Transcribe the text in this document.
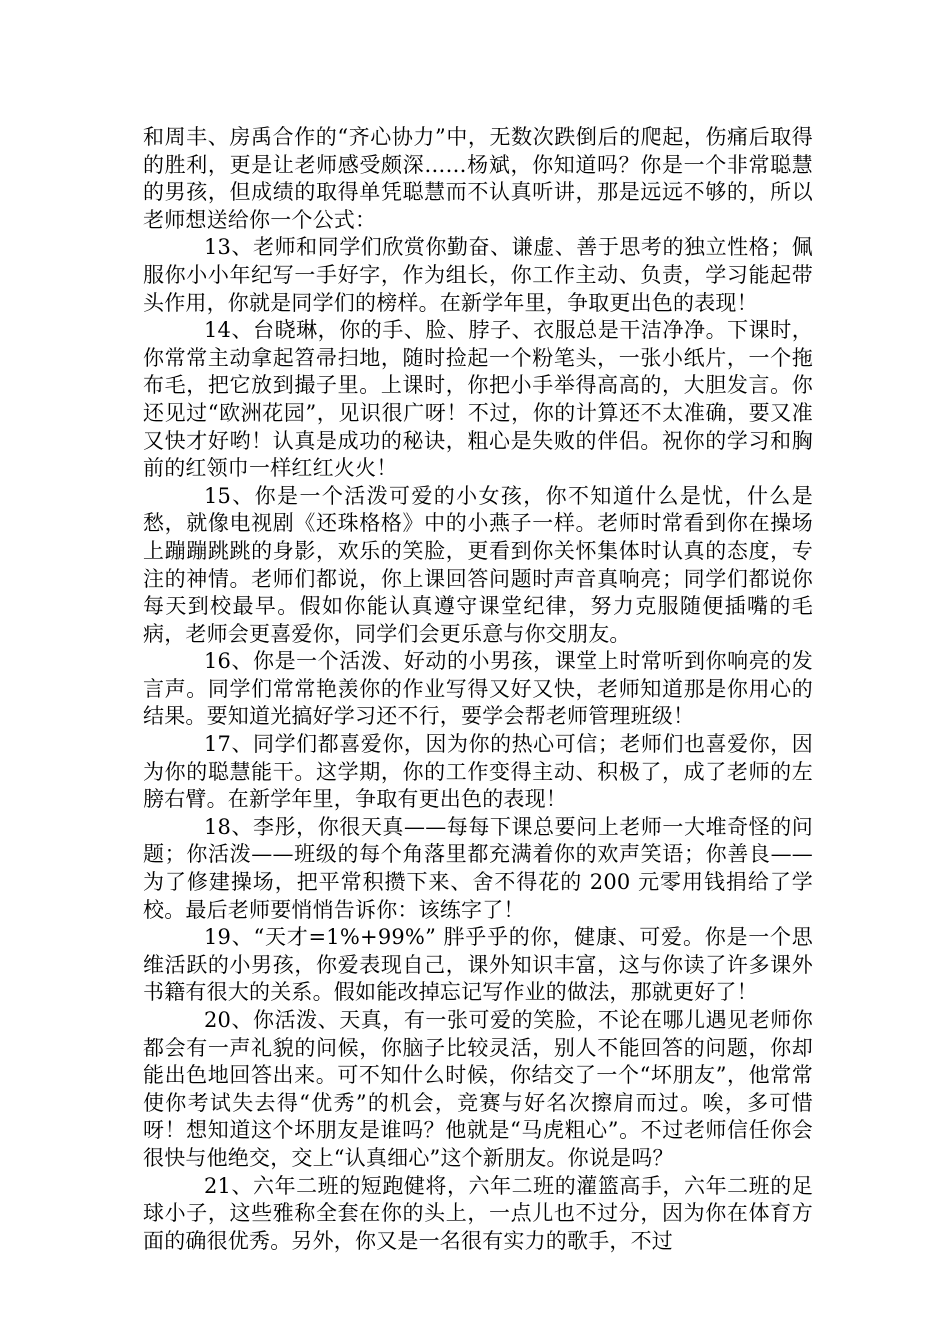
和周丰、房禹合作的“齐心协力”中，无数次跌倒后的爬起，伤痛后取得的胜利，更是让老师感受颇深……杨斌，你知道吗？你是一个非常聪慧的男孩，但成绩的取得单凭聪慧而不认真听讲，那是远远不够的，所以老师想送给你一个公式：

13、老师和同学们欣赏你勤奋、谦虚、善于思考的独立性格；佩服你小小年纪写一手好字，作为组长，你工作主动、负责，学习能起带头作用，你就是同学们的榜样。在新学年里，争取更出色的表现！

14、台晓琳，你的手、脸、脖子、衣服总是干洁净净。下课时，你常常主动拿起笤帚扫地，随时捡起一个粉笔头，一张小纸片，一个拖布毛，把它放到撮子里。上课时，你把小手举得高高的，大胆发言。你还见过“欧洲花园”，见识很广呀！不过，你的计算还不太准确，要又准又快才好哟！认真是成功的秘诀，粗心是失败的伴侣。祝你的学习和胸前的红领巾一样红红火火！

15、你是一个活泼可爱的小女孩，你不知道什么是忧，什么是愁，就像电视剧《还珠格格》中的小燕子一样。老师时常看到你在操场上蹦蹦跳跳的身影，欢乐的笑脸，更看到你关怀集体时认真的态度，专注的神情。老师们都说，你上课回答问题时声音真响亮；同学们都说你每天到校最早。假如你能认真遵守课堂纪律，努力克服随便插嘴的毛病，老师会更喜爱你，同学们会更乐意与你交朋友。

16、你是一个活泼、好动的小男孩，课堂上时常听到你响亮的发言声。同学们常常艳羡你的作业写得又好又快，老师知道那是你用心的结果。要知道光搞好学习还不行，要学会帮老师管理班级！

17、同学们都喜爱你，因为你的热心可信；老师们也喜爱你，因为你的聪慧能干。这学期，你的工作变得主动、积极了，成了老师的左膀右臂。在新学年里，争取有更出色的表现！

18、李彤，你很天真——每每下课总要问上老师一大堆奇怪的问题；你活泼——班级的每个角落里都充满着你的欢声笑语；你善良——为了修建操场，把平常积攒下来、舍不得花的 200 元零用钱捐给了学校。最后老师要悄悄告诉你：该练字了！

19、“天才=1%+99%” 胖乎乎的你，健康、可爱。你是一个思维活跃的小男孩，你爱表现自己，课外知识丰富，这与你读了许多课外书籍有很大的关系。假如能改掉忘记写作业的做法，那就更好了！

20、你活泼、天真，有一张可爱的笑脸，不论在哪儿遇见老师你都会有一声礼貌的问候，你脑子比较灵活，别人不能回答的问题，你却能出色地回答出来。可不知什么时候，你结交了一个“坏朋友”，他常常使你考试失去得“优秀”的机会，竞赛与好名次擦肩而过。唉，多可惜呀！想知道这个坏朋友是谁吗？他就是“马虎粗心”。不过老师信任你会很快与他绝交，交上“认真细心”这个新朋友。你说是吗？

21、六年二班的短跑健将，六年二班的灌篮高手，六年二班的足球小子，这些雅称全套在你的头上，一点儿也不过分，因为你在体育方面的确很优秀。另外，你又是一名很有实力的歌手，不过
